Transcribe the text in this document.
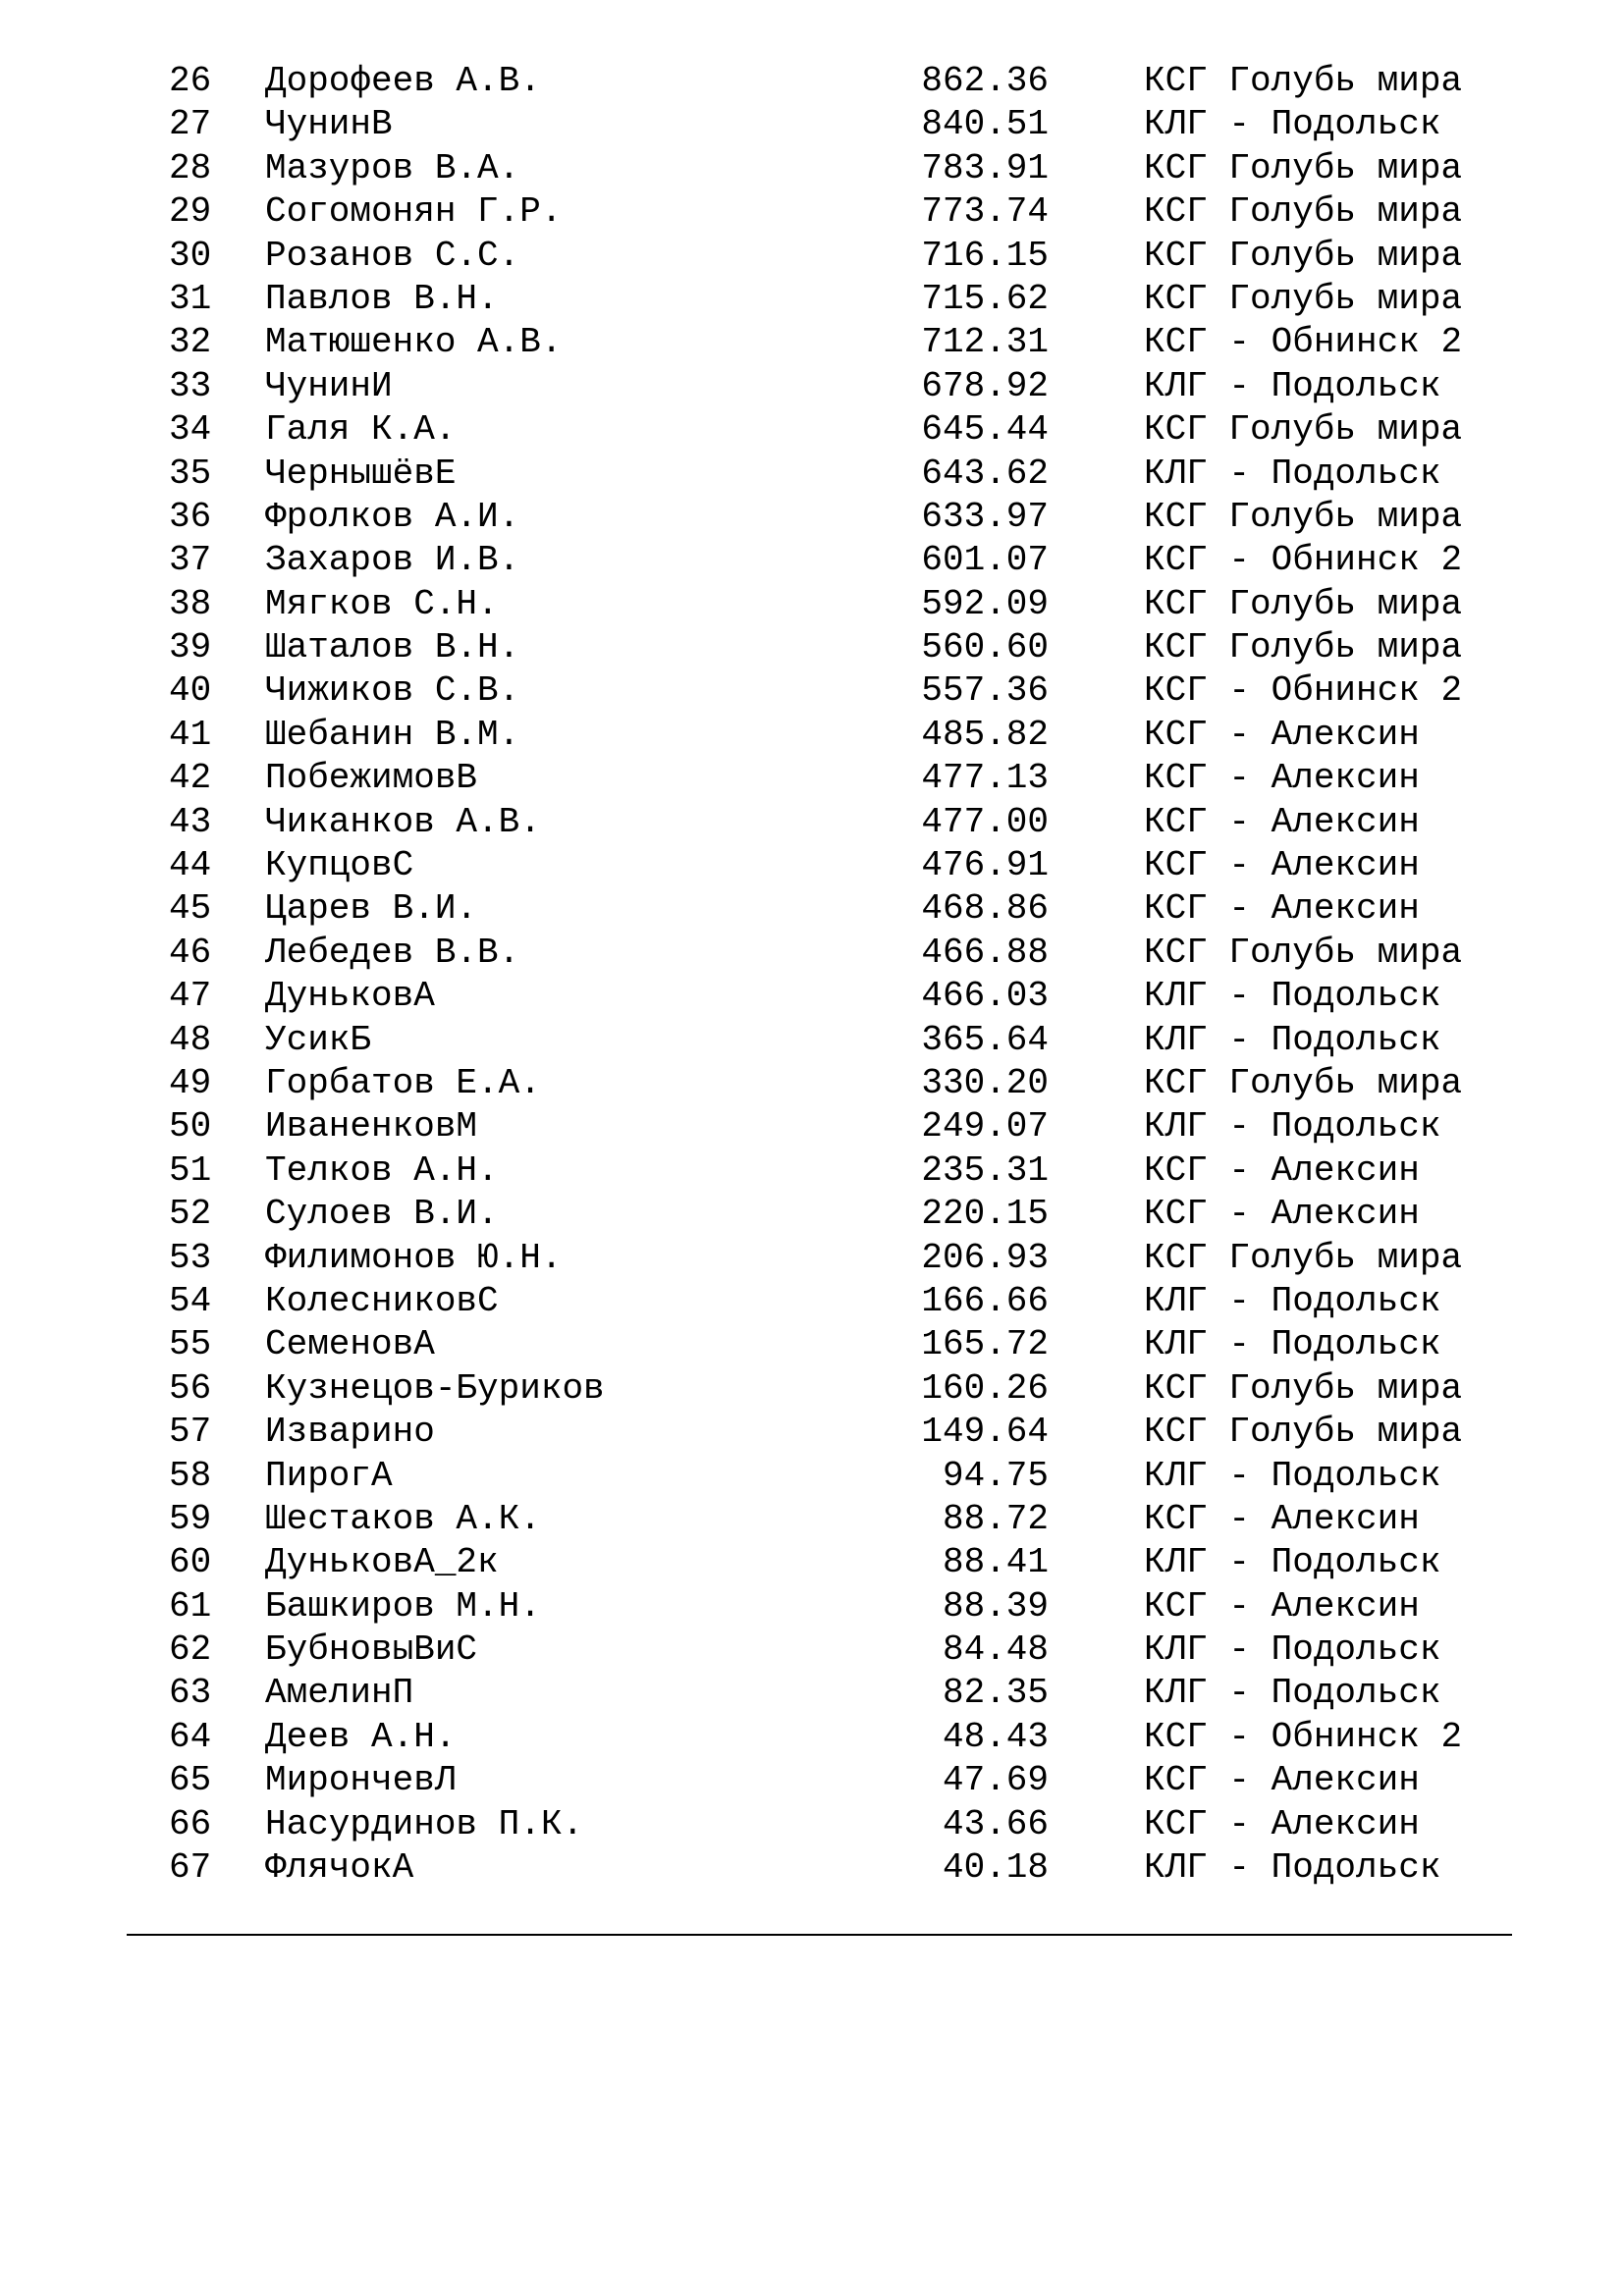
26 Дорофеев А.В.	862.36	КСГ Голубь мира
27 ЧунинВ	840.51	КЛГ - Подольск
28 Мазуров В.А.	783.91	КСГ Голубь мира
29 Согомонян Г.Р.	773.74	КСГ Голубь мира
30 Розанов С.С.	716.15	КСГ Голубь мира
31 Павлов В.Н.	715.62	КСГ Голубь мира
32 Матюшенко А.В.	712.31	КСГ - Обнинск 2
33 ЧунинИ	678.92	КЛГ - Подольск
34 Галя К.А.	645.44	КСГ Голубь мира
35 ЧернышёвЕ	643.62	КЛГ - Подольск
36 Фролков А.И.	633.97	КСГ Голубь мира
37 Захаров И.В.	601.07	КСГ - Обнинск 2
38 Мягков С.Н.	592.09	КСГ Голубь мира
39 Шаталов В.Н.	560.60	КСГ Голубь мира
40 Чижиков С.В.	557.36	КСГ - Обнинск 2
41 Шебанин В.М.	485.82	КСГ - Алексин
42 ПобежимовВ	477.13	КСГ - Алексин
43 Чиканков А.В.	477.00	КСГ - Алексин
44 КупцовС	476.91	КСГ - Алексин
45 Царев В.И.	468.86	КСГ - Алексин
46 Лебедев В.В.	466.88	КСГ Голубь мира
47 ДуньковА	466.03	КЛГ - Подольск
48 УсикБ	365.64	КЛГ - Подольск
49 Горбатов Е.А.	330.20	КСГ Голубь мира
50 ИваненковМ	249.07	КЛГ - Подольск
51 Телков А.Н.	235.31	КСГ - Алексин
52 Сулоев В.И.	220.15	КСГ - Алексин
53 Филимонов Ю.Н.	206.93	КСГ Голубь мира
54 КолесниковС	166.66	КЛГ - Подольск
55 СеменовА	165.72	КЛГ - Подольск
56 Кузнецов-Буриков	160.26	КСГ Голубь мира
57 Изварино	149.64	КСГ Голубь мира
58 ПирогА	94.75	КЛГ - Подольск
59 Шестаков А.К.	88.72	КСГ - Алексин
60 ДуньковА_2к	88.41	КЛГ - Подольск
61 Башкиров М.Н.	88.39	КСГ - Алексин
62 БубновыВиС	84.48	КЛГ - Подольск
63 АмелинП	82.35	КЛГ - Подольск
64 Деев А.Н.	48.43	КСГ - Обнинск 2
65 МирончевЛ	47.69	КСГ - Алексин
66 Насурдинов П.К.	43.66	КСГ - Алексин
67 ФлячокА	40.18	КЛГ - Подольск
